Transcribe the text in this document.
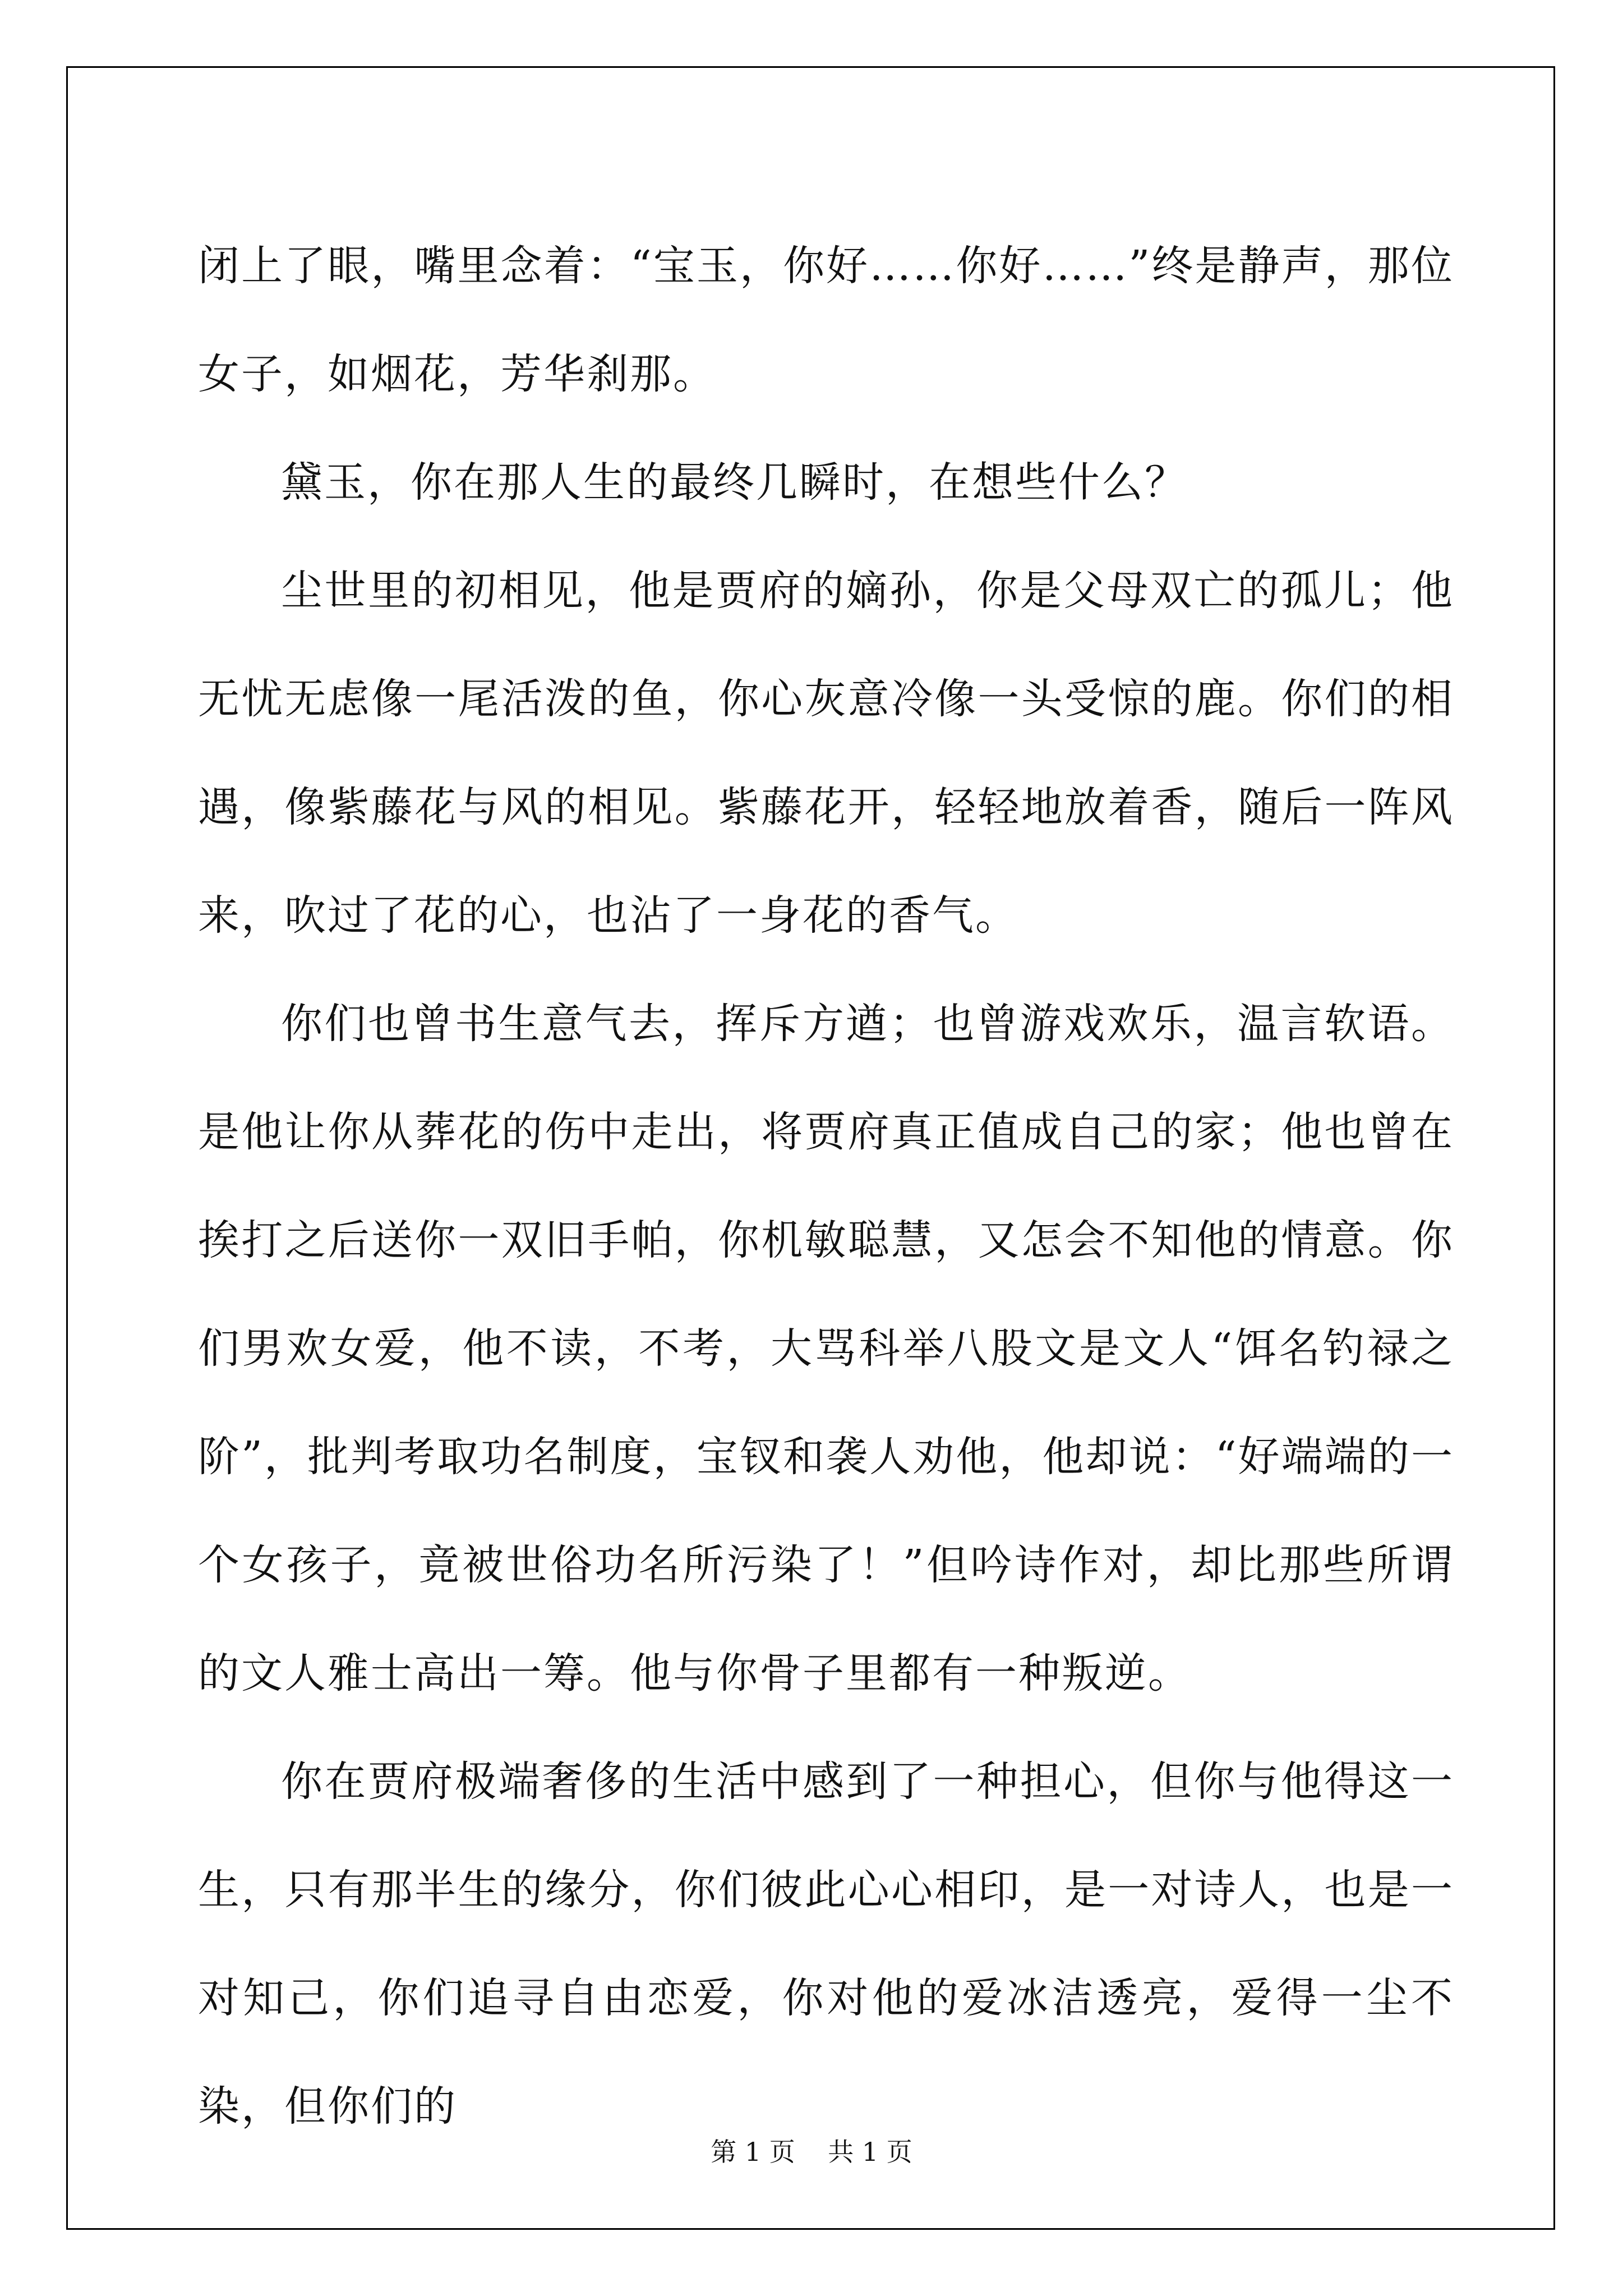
闭上了眼，嘴里念着：“宝玉，你好……你好……”终是静声，那位女子，如烟花，芳华刹那。

黛玉，你在那人生的最终几瞬时，在想些什么？

尘世里的初相见，他是贾府的嫡孙，你是父母双亡的孤儿；他无忧无虑像一尾活泼的鱼，你心灰意冷像一头受惊的鹿。你们的相遇，像紫藤花与风的相见。紫藤花开，轻轻地放着香，随后一阵风来，吹过了花的心，也沾了一身花的香气。

你们也曾书生意气去，挥斥方遒；也曾游戏欢乐，温言软语。是他让你从葬花的伤中走出，将贾府真正值成自己的家；他也曾在挨打之后送你一双旧手帕，你机敏聪慧，又怎会不知他的情意。你们男欢女爱，他不读，不考，大骂科举八股文是文人“饵名钓禄之阶”，批判考取功名制度，宝钗和袭人劝他，他却说：“好端端的一个女孩子，竟被世俗功名所污染了！”但吟诗作对，却比那些所谓的文人雅士高出一筹。他与你骨子里都有一种叛逆。

你在贾府极端奢侈的生活中感到了一种担心，但你与他得这一生，只有那半生的缘分，你们彼此心心相印，是一对诗人，也是一对知己，你们追寻自由恋爱，你对他的爱冰洁透亮，爱得一尘不染，但你们的

第 1 页    共 1 页
